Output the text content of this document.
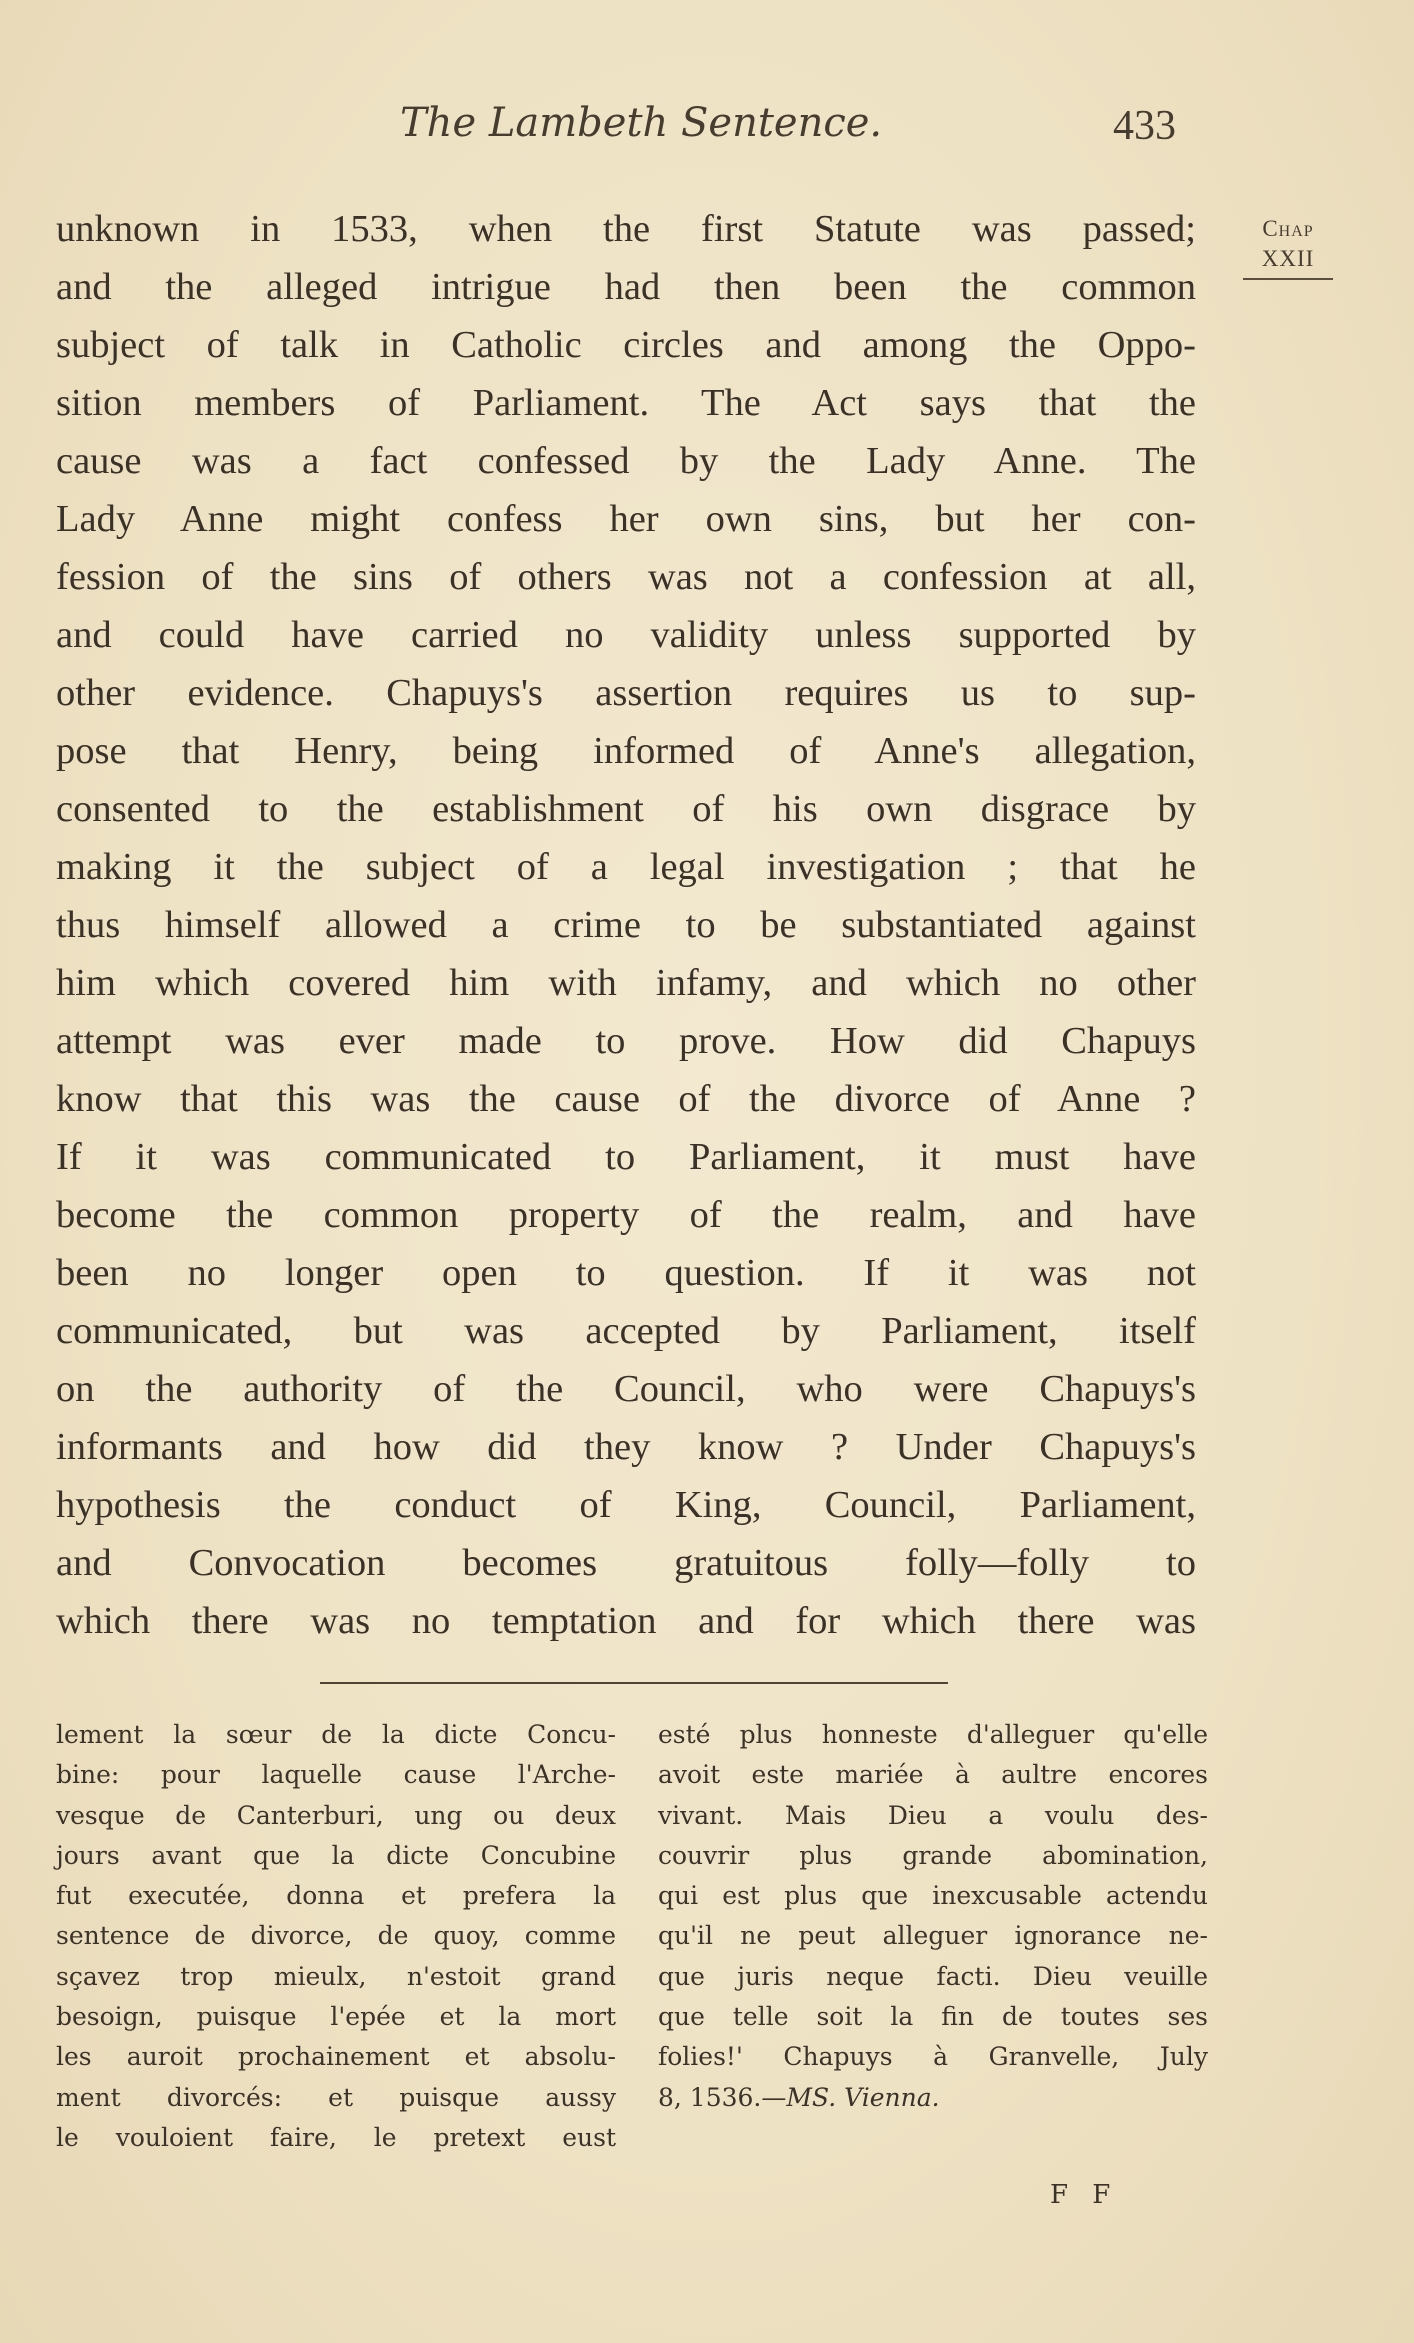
The Lambeth Sentence.	433
Chap
XXII
unknown in 1533, when the first Statute was passed;
and the alleged intrigue had then been the common
subject of talk in Catholic circles and among the Oppo-
sition members of Parliament. The Act says that the
cause was a fact confessed by the Lady Anne. The
Lady Anne might confess her own sins, but her con-
fession of the sins of others was not a confession at all,
and could have carried no validity unless supported by
other evidence. Chapuys's assertion requires us to sup-
pose that Henry, being informed of Anne's allegation,
consented to the establishment of his own disgrace by
making it the subject of a legal investigation ; that he
thus himself allowed a crime to be substantiated against
him which covered him with infamy, and which no other
attempt was ever made to prove. How did Chapuys
know that this was the cause of the divorce of Anne ?
If it was communicated to Parliament, it must have
become the common property of the realm, and have
been no longer open to question. If it was not
communicated, but was accepted by Parliament, itself
on the authority of the Council, who were Chapuys's
informants and how did they know ? Under Chapuys's
hypothesis the conduct of King, Council, Parliament,
and Convocation becomes gratuitous folly—folly to
which there was no temptation and for which there was
lement la sœur de la dicte Concu-
bine: pour laquelle cause l'Arche-
vesque de Canterburi, ung ou deux
jours avant que la dicte Concubine
fut executée, donna et prefera la
sentence de divorce, de quoy, comme
sçavez trop mieulx, n'estoit grand
besoign, puisque l'epée et la mort
les auroit prochainement et absolu-
ment divorcés: et puisque aussy
le vouloient faire, le pretext eust
esté plus honneste d'alleguer qu'elle
avoit este mariée à aultre encores
vivant. Mais Dieu a voulu des-
couvrir plus grande abomination,
qui est plus que inexcusable actendu
qu'il ne peut alleguer ignorance ne-
que juris neque facti. Dieu veuille
que telle soit la fin de toutes ses
folies!' Chapuys à Granvelle, July
8, 1536.—MS. Vienna.
F F
